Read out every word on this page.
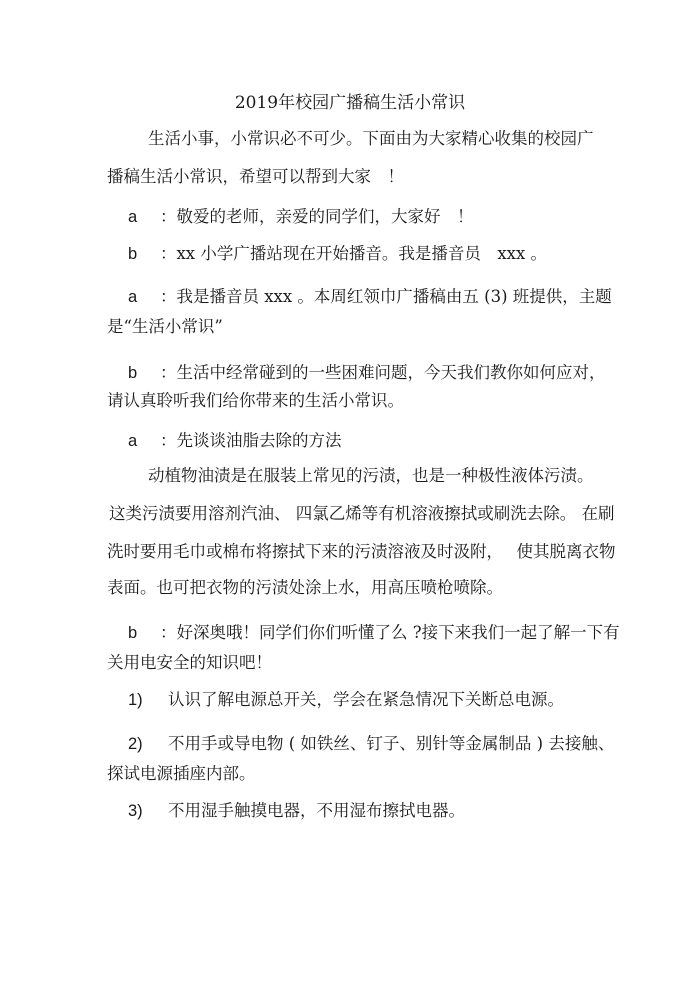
2019年校园广播稿生活小常识
生活小事，小常识必不可少。下面由为大家精心收集的校园广
播稿生活小常识，希望可以帮到大家　！
a ：敬爱的老师，亲爱的同学们，大家好　！
b ：xx 小学广播站现在开始播音。我是播音员　xxx 。
a ：我是播音员 xxx 。本周红领巾广播稿由五 (3) 班提供，主题
是“生活小常识”
b ：生活中经常碰到的一些困难问题，今天我们教你如何应对，
请认真聆听我们给你带来的生活小常识。
a ：先谈谈油脂去除的方法
动植物油渍是在服装上常见的污渍，也是一种极性液体污渍。
这类污渍要用溶剂汽油、 四氯乙烯等有机溶液擦拭或刷洗去除。 在刷
洗时要用毛巾或棉布将擦拭下来的污渍溶液及时汲附，　 使其脱离衣物
表面。也可把衣物的污渍处涂上水，用高压喷枪喷除。
b ：好深奥哦！同学们你们听懂了么 ?接下来我们一起了解一下有
关用电安全的知识吧！
1) 认识了解电源总开关，学会在紧急情况下关断总电源。
2) 不用手或导电物 ( 如铁丝、钉子、别针等金属制品 ) 去接触、
探试电源插座内部。
3) 不用湿手触摸电器，不用湿布擦拭电器。
